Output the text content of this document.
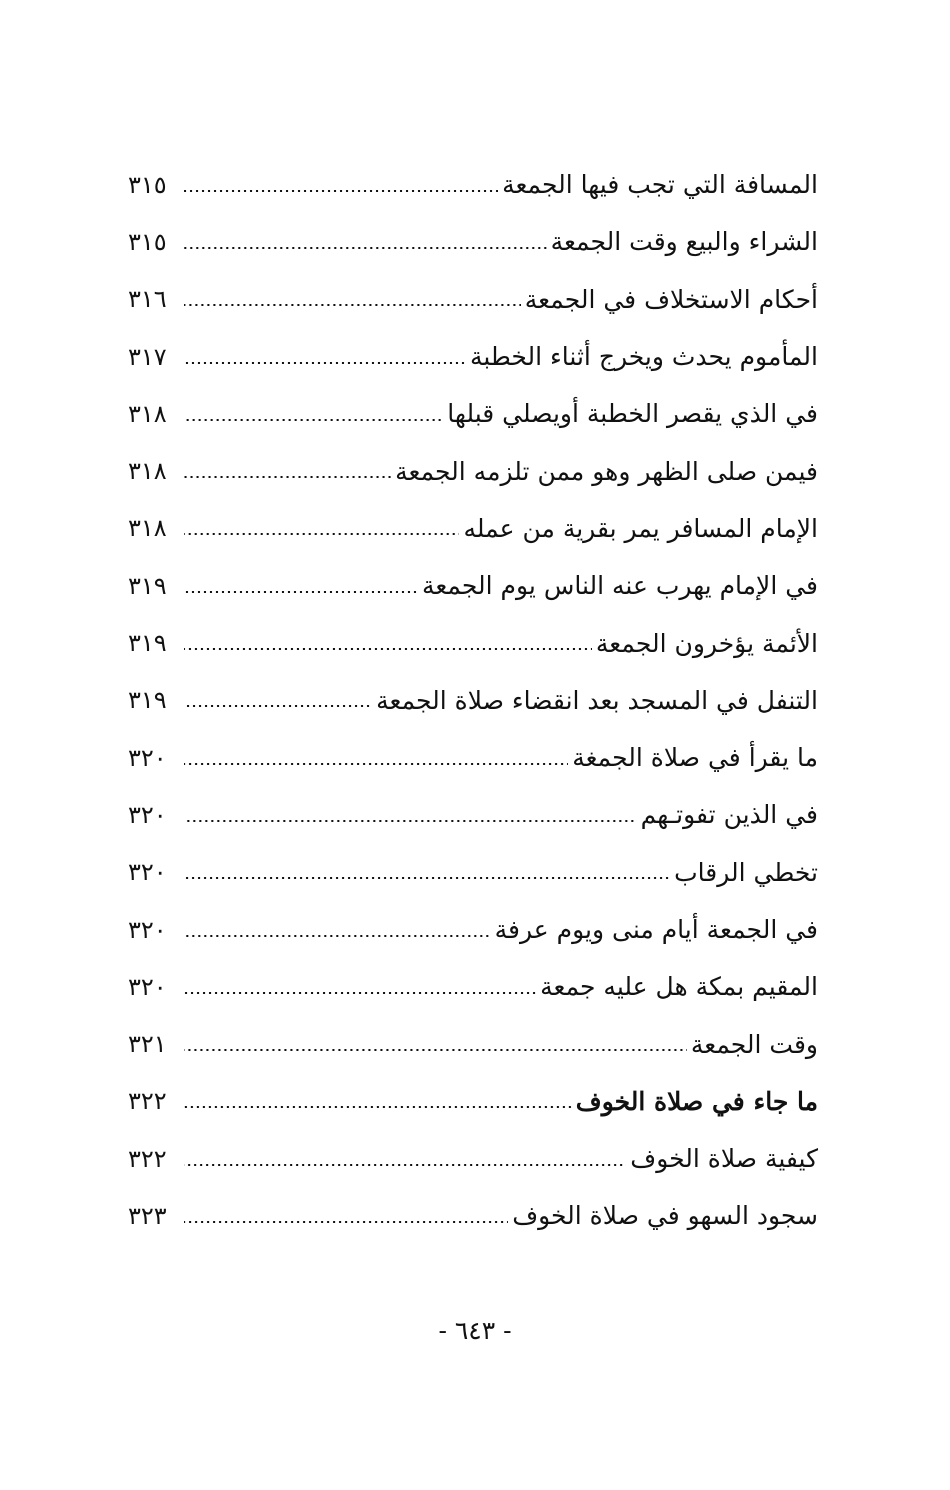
المسافة التي تجب فيها الجمعة
٣١٥
الشراء والبيع وقت الجمعة
٣١٥
أحكام الاستخلاف في الجمعة
٣١٦
المأموم يحدث ويخرج أثناء الخطبة
٣١٧
في الذي يقصر الخطبة أويصلي قبلها
٣١٨
فيمن صلى الظهر وهو ممن تلزمه الجمعة
٣١٨
الإمام المسافر يمر بقرية من عمله
٣١٨
في الإمام يهرب عنه الناس يوم الجمعة
٣١٩
الأئمة يؤخرون الجمعة
٣١٩
التنفل في المسجد بعد انقضاء صلاة الجمعة
٣١٩
ما يقرأ في صلاة الجمغة
٣٢٠
في الذين تفوتـهم
٣٢٠
تخطي الرقاب
٣٢٠
في الجمعة أيام منى ويوم عرفة
٣٢٠
المقيم بمكة هل عليه جمعة
٣٢٠
وقت الجمعة
٣٢١
ما جاء في صلاة الخوف
٣٢٢
كيفية صلاة الخوف
٣٢٢
سجود السهو في صلاة الخوف
٣٢٣
- ٦٤٣ -
